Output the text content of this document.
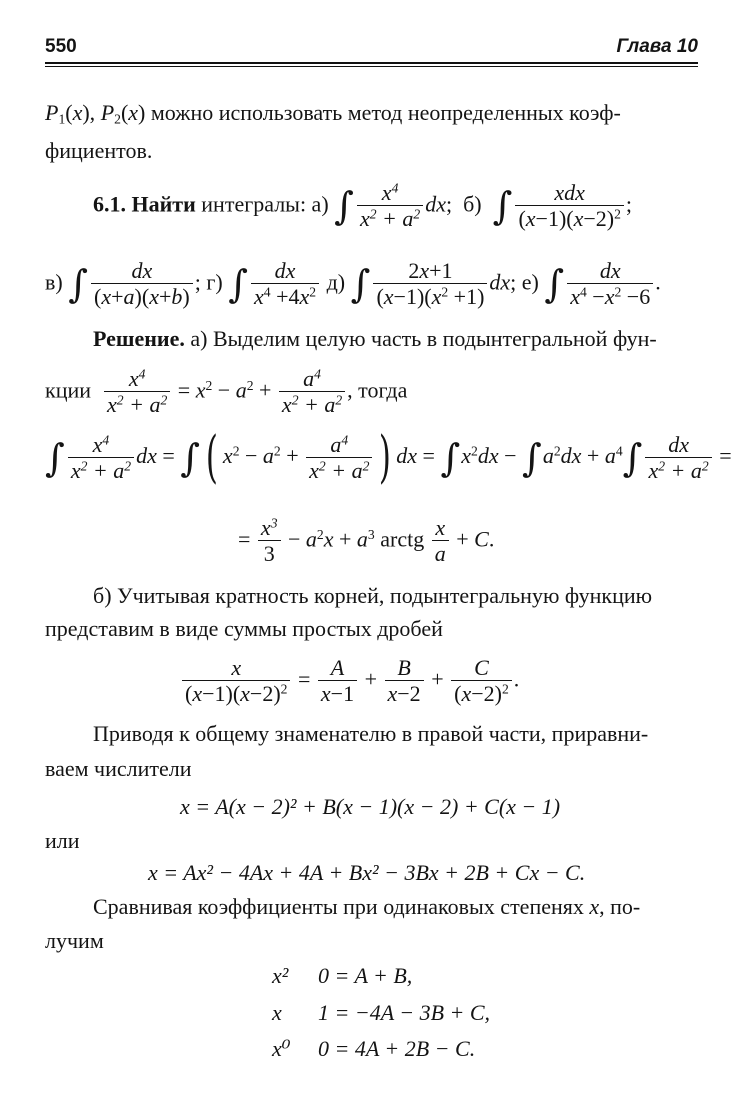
550	Глава 10
$P_1(x)$, $P_2(x)$ можно использовать метод неопределенных коэф-
фициентов.
6.1. Найти интегралы: а) ∫ $\frac{x^4}{x^2 + a^2}$ dx;  б) ∫	xdx
$(x-1)(x-2)^2$ ;
в) ∫ $\frac{dx}{(x+a)(x+b)}$ ; г) ∫ $\frac{dx}{x^4 +4x^2} д$) ∫ $\frac{2x+1}{(x-1)(x^2 +1)}$ dx; е) ∫ $\frac{dx}{x^4 -x^2 -6}$ .
Решение. а) Выделим целую часть в подынтегральной фун-
кции $\frac{x^4}{x^2 + a^2} = x^2 - a^2 + \frac{a^4}{x^2 + a^2}$ , тогда
∫ $\frac{x^4}{x^2 + a^2}$ dx = ∫ ( $x^2 - a^2 + \frac{a^4}{x^2 + a^2}$ ) dx = $\int x^2dx - \int a^2dx + a^4\int \frac{dx}{x^2 + a^2}$ =
= $\frac{x^3}{3} - a^2x + a^3$ arctg $\frac{x}{a} + C$.
б) Учитывая кратность корней, подынтегральную функцию
представим в виде суммы простых дробей
$\frac{x}{(x-1)(x-2)^2} = \frac{A}{x-1} + \frac{B}{x-2} + \frac{C}{(x-2)^2}$ .
Приводя к общему знаменателю в правой части, приравни-
ваем числители
x = A(x − 2)² + B(x − 1)(x − 2) + C(x − 1)
или
x = Ax² − 4Ax + 4A + Bx² − 3Bx + 2B + Cx − C.
Сравнивая коэффициенты при одинаковых степенях x, по-
лучим
x² 0 = A + B,
x 1 = −4A − 3B + C,
x⁰ 0 = 4A + 2B − C.
